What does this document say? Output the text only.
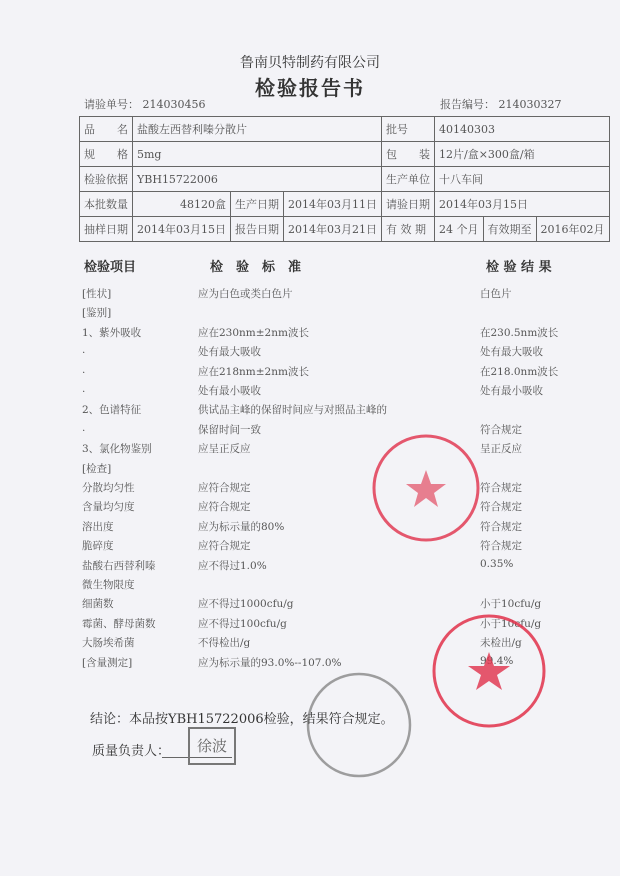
鲁南贝特制药有限公司
检验报告书
请验单号： 214030456	报告编号： 214030327
品　　名	盐酸左西替利嗪分散片			批号	40140303		
规　　格	5mg			包　　装	12片/盒×300盒/箱		
检验依据	YBH15722006			生产单位	十八车间		
本批数量	48120盒	生产日期	2014年03月11日	请验日期	2014年03月15日		
抽样日期	2014年03月15日	报告日期	2014年03月21日	有 效 期	24 个月	有效期至	2016年02月
检验项目	检　验　标　准	检 验 结 果
[性状]	应为白色或类白色片	白色片
[鉴别]
1、紫外吸收	应在230nm±2nm波长	在230.5nm波长
.	处有最大吸收	处有最大吸收
.	应在218nm±2nm波长	在218.0nm波长
.	处有最小吸收	处有最小吸收
2、色谱特征	供试品主峰的保留时间应与对照品主峰的
.	保留时间一致	符合规定
3、氯化物鉴别	应呈正反应	呈正反应
[检查]
分散均匀性	应符合规定	符合规定
含量均匀度	应符合规定	符合规定
溶出度	应为标示量的80%	符合规定
脆碎度	应符合规定	符合规定
盐酸右西替利嗪	应不得过1.0%	0.35%
微生物限度
细菌数	应不得过1000cfu/g	小于10cfu/g
霉菌、酵母菌数	应不得过100cfu/g	小于10cfu/g
大肠埃希菌	不得检出/g	未检出/g
[含量测定]	应为标示量的93.0%--107.0%	99.4%
结论：本品按YBH15722006检验，结果符合规定。
质量负责人：	徐波
